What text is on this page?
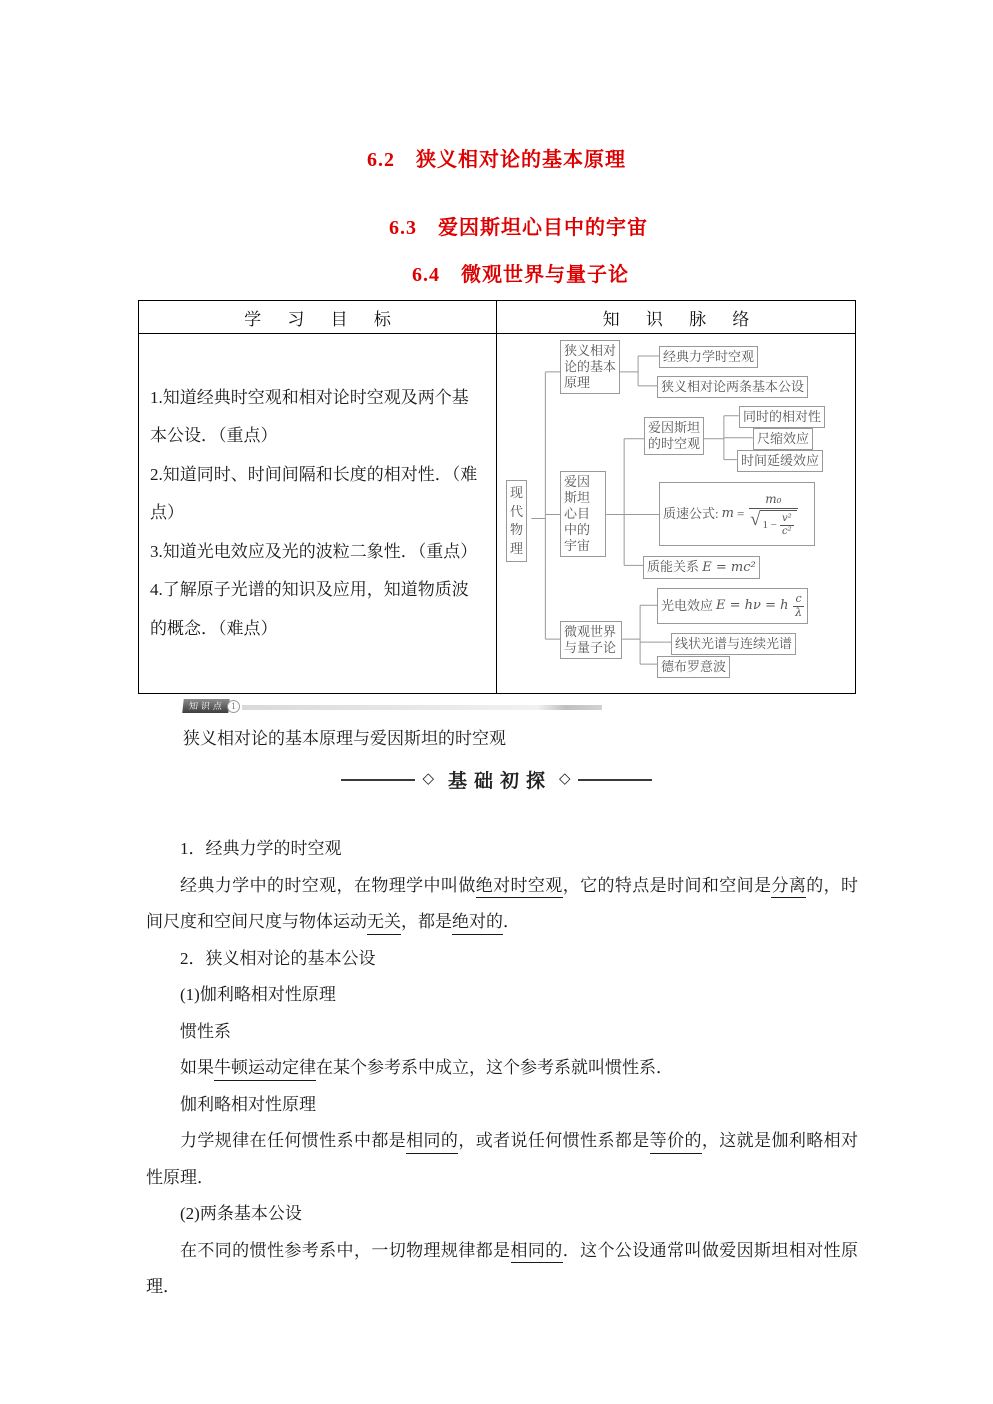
6.2　狭义相对论的基本原理
6.3　爱因斯坦心目中的宇宙
6.4　微观世界与量子论
学 习 目 标	知 识 脉 络
1.知道经典时空观和相对论时空观及两个基本公设．（重点）
2.知道同时、时间间隔和长度的相对性．（难点）
3.知道光电效应及光的波粒二象性．（重点）
4.了解原子光谱的知识及应用，知道物质波的概念．（难点）
现代物理
狭义相对论的基本原理
经典力学时空观
狭义相对论两条基本公设
爱因斯坦心目中的宇宙
爱因斯坦的时空观
同时的相对性
尺缩效应
时间延缓效应
质速公式: m =
m₀
√ $1 - \frac{\text{v²}}{\text{c²}}$
质能关系 E = mc²
微观世界与量子论
光电效应 E = hν = h c
λ
线状光谱与连续光谱
德布罗意波
知识点 1
狭义相对论的基本原理与爱因斯坦的时空观
◇ 基础初探 ◇

1．经典力学的时空观

经典力学中的时空观，在物理学中叫做绝对时空观，它的特点是时间和空间是分离的，时间尺度和空间尺度与物体运动无关，都是绝对的．

2．狭义相对论的基本公设

(1)伽利略相对性原理

惯性系

如果牛顿运动定律在某个参考系中成立，这个参考系就叫惯性系．

伽利略相对性原理

力学规律在任何惯性系中都是相同的，或者说任何惯性系都是等价的，这就是伽利略相对性原理．

(2)两条基本公设

在不同的惯性参考系中，一切物理规律都是相同的．这个公设通常叫做爱因斯坦相对性原理．
